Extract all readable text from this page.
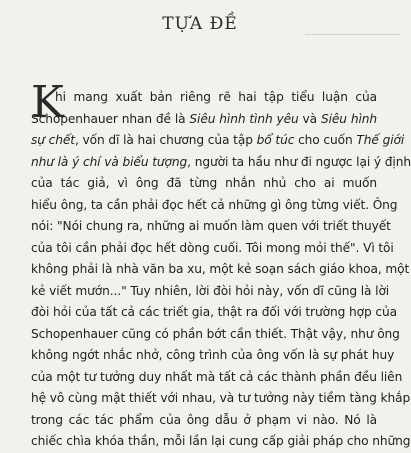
TỰA ĐỀ
K
hi mang xuất bản riêng rẽ hai tập tiểu luận của
Schopenhauer nhan đề là Siêu hình tình yêu và Siêu hình
sự chết, vốn dĩ là hai chương của tập bổ túc cho cuốn Thế giới
như là ý chí và biểu tượng, người ta hầu như đi ngược lại ý định
của tác giả, vì ông đã từng nhắn nhủ cho ai muốn
hiểu ông, ta cần phải đọc hết cả những gì ông từng viết. Ông
nói: "Nói chung ra, những ai muốn làm quen với triết thuyết
của tôi cần phải đọc hết dòng cuối. Tôi mong mỏi thế". Vì tôi
không phải là nhà văn ba xu, một kẻ soạn sách giáo khoa, một
kẻ viết mướn..." Tuy nhiên, lời đòi hỏi này, vốn dĩ cũng là lời
đòi hỏi của tất cả các triết gia, thật ra đối với trường hợp của
Schopenhauer cũng có phần bớt cần thiết. Thật vậy, như ông
không ngớt nhắc nhở, công trình của ông vốn là sự phát huy
của một tư tưởng duy nhất mà tất cả các thành phần đều liên
hệ vô cùng mật thiết với nhau, và tư tưởng này tiềm tàng khắp
trong các tác phẩm của ông dẫu ở phạm vi nào. Nó là
chiếc chìa khóa thần, mỗi lần lại cung cấp giải pháp cho những
